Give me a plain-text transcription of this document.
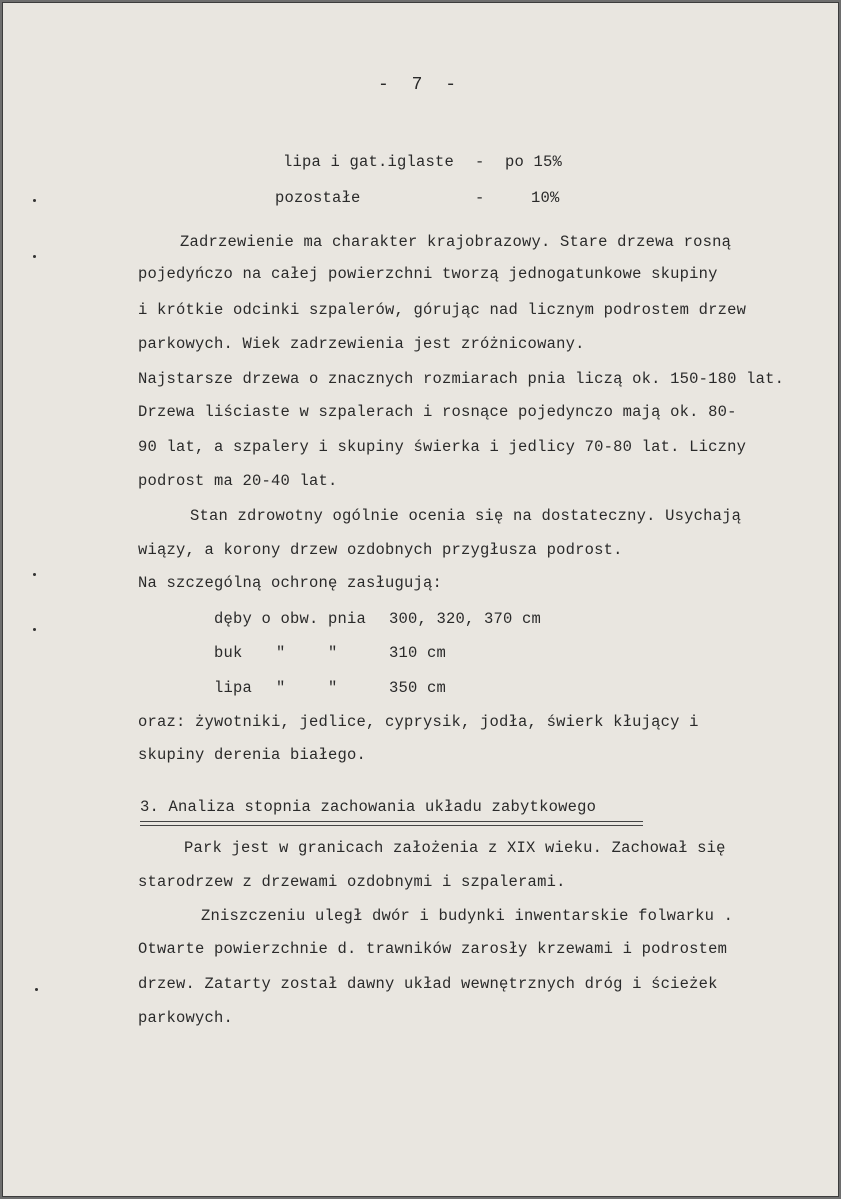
- 7 -
lipa i gat.iglaste - po 15%
pozostałe	-	10%
Zadrzewienie ma charakter krajobrazowy. Stare drzewa rosną
pojedyńczo na całej powierzchni tworzą jednogatunkowe skupiny
i krótkie odcinki szpalerów, górując nad licznym podrostem drzew
parkowych. Wiek zadrzewienia jest zróżnicowany.
Najstarsze drzewa o znacznych rozmiarach pnia liczą ok. 150-180 lat.
Drzewa liściaste w szpalerach i rosnące pojedynczo mają ok. 80-
90 lat, a szpalery i skupiny świerka i jedlicy 70-80 lat. Liczny
podrost ma 20-40 lat.
Stan zdrowotny ogólnie ocenia się na dostateczny. Usychają
wiązy, a korony drzew ozdobnych przygłusza podrost.
Na szczególną ochronę zasługują:
dęby o obw. pnia 300, 320, 370 cm
buk "	"	310 cm
lipa "	"	350 cm
oraz: żywotniki, jedlice, cyprysik, jodła, świerk kłujący i
skupiny derenia białego.
3. Analiza stopnia zachowania układu zabytkowego
Park jest w granicach założenia z XIX wieku. Zachował się
starodrzew z drzewami ozdobnymi i szpalerami.
Zniszczeniu uległ dwór i budynki inwentarskie folwarku .
Otwarte powierzchnie d. trawników zarosły krzewami i podrostem
drzew. Zatarty został dawny układ wewnętrznych dróg i ścieżek
parkowych.
